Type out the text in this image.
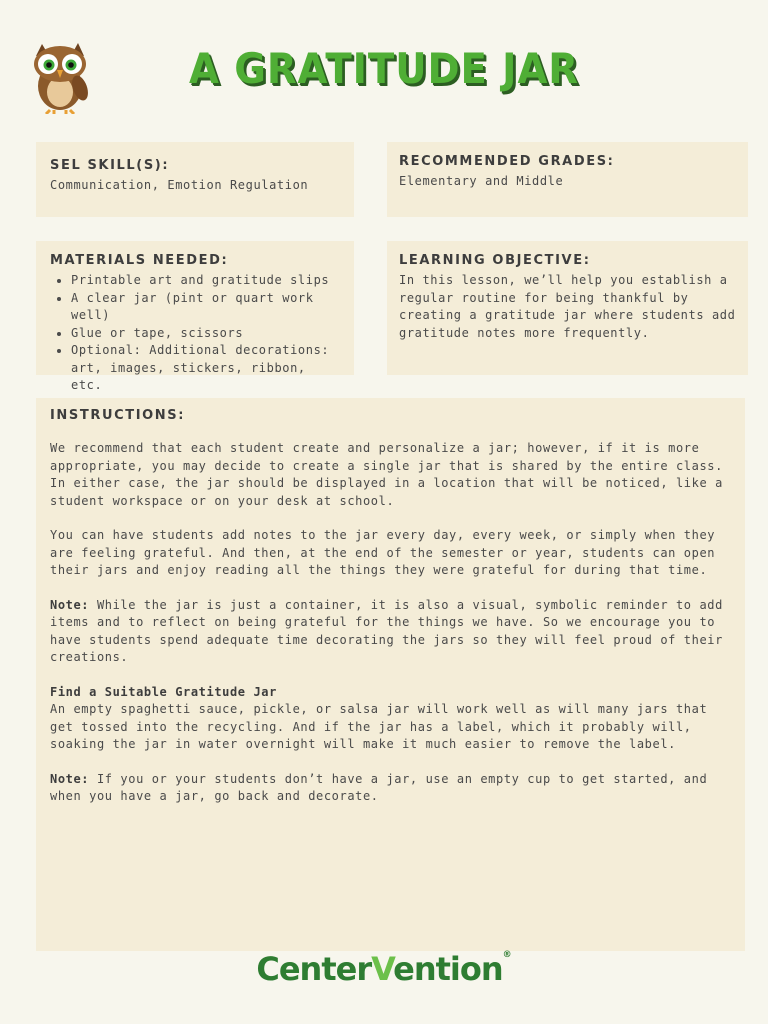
A GRATITUDE JAR
SEL SKILL(S):
Communication, Emotion Regulation
RECOMMENDED GRADES:
Elementary and Middle
MATERIALS NEEDED:
• Printable art and gratitude slips
• A clear jar (pint or quart work well)
• Glue or tape, scissors
• Optional: Additional decorations: art, images, stickers, ribbon, etc.
LEARNING OBJECTIVE:
In this lesson, we’ll help you establish a regular routine for being thankful by creating a gratitude jar where students add gratitude notes more frequently.
INSTRUCTIONS:

We recommend that each student create and personalize a jar; however, if it is more appropriate, you may decide to create a single jar that is shared by the entire class. In either case, the jar should be displayed in a location that will be noticed, like a student workspace or on your desk at school.

You can have students add notes to the jar every day, every week, or simply when they are feeling grateful. And then, at the end of the semester or year, students can open their jars and enjoy reading all the things they were grateful for during that time.

Note: While the jar is just a container, it is also a visual, symbolic reminder to add items and to reflect on being grateful for the things we have. So we encourage you to have students spend adequate time decorating the jars so they will feel proud of their creations.

Find a Suitable Gratitude Jar
An empty spaghetti sauce, pickle, or salsa jar will work well as will many jars that get tossed into the recycling. And if the jar has a label, which it probably will, soaking the jar in water overnight will make it much easier to remove the label.

Note: If you or your students don’t have a jar, use an empty cup to get started, and when you have a jar, go back and decorate.

CenterVention®
